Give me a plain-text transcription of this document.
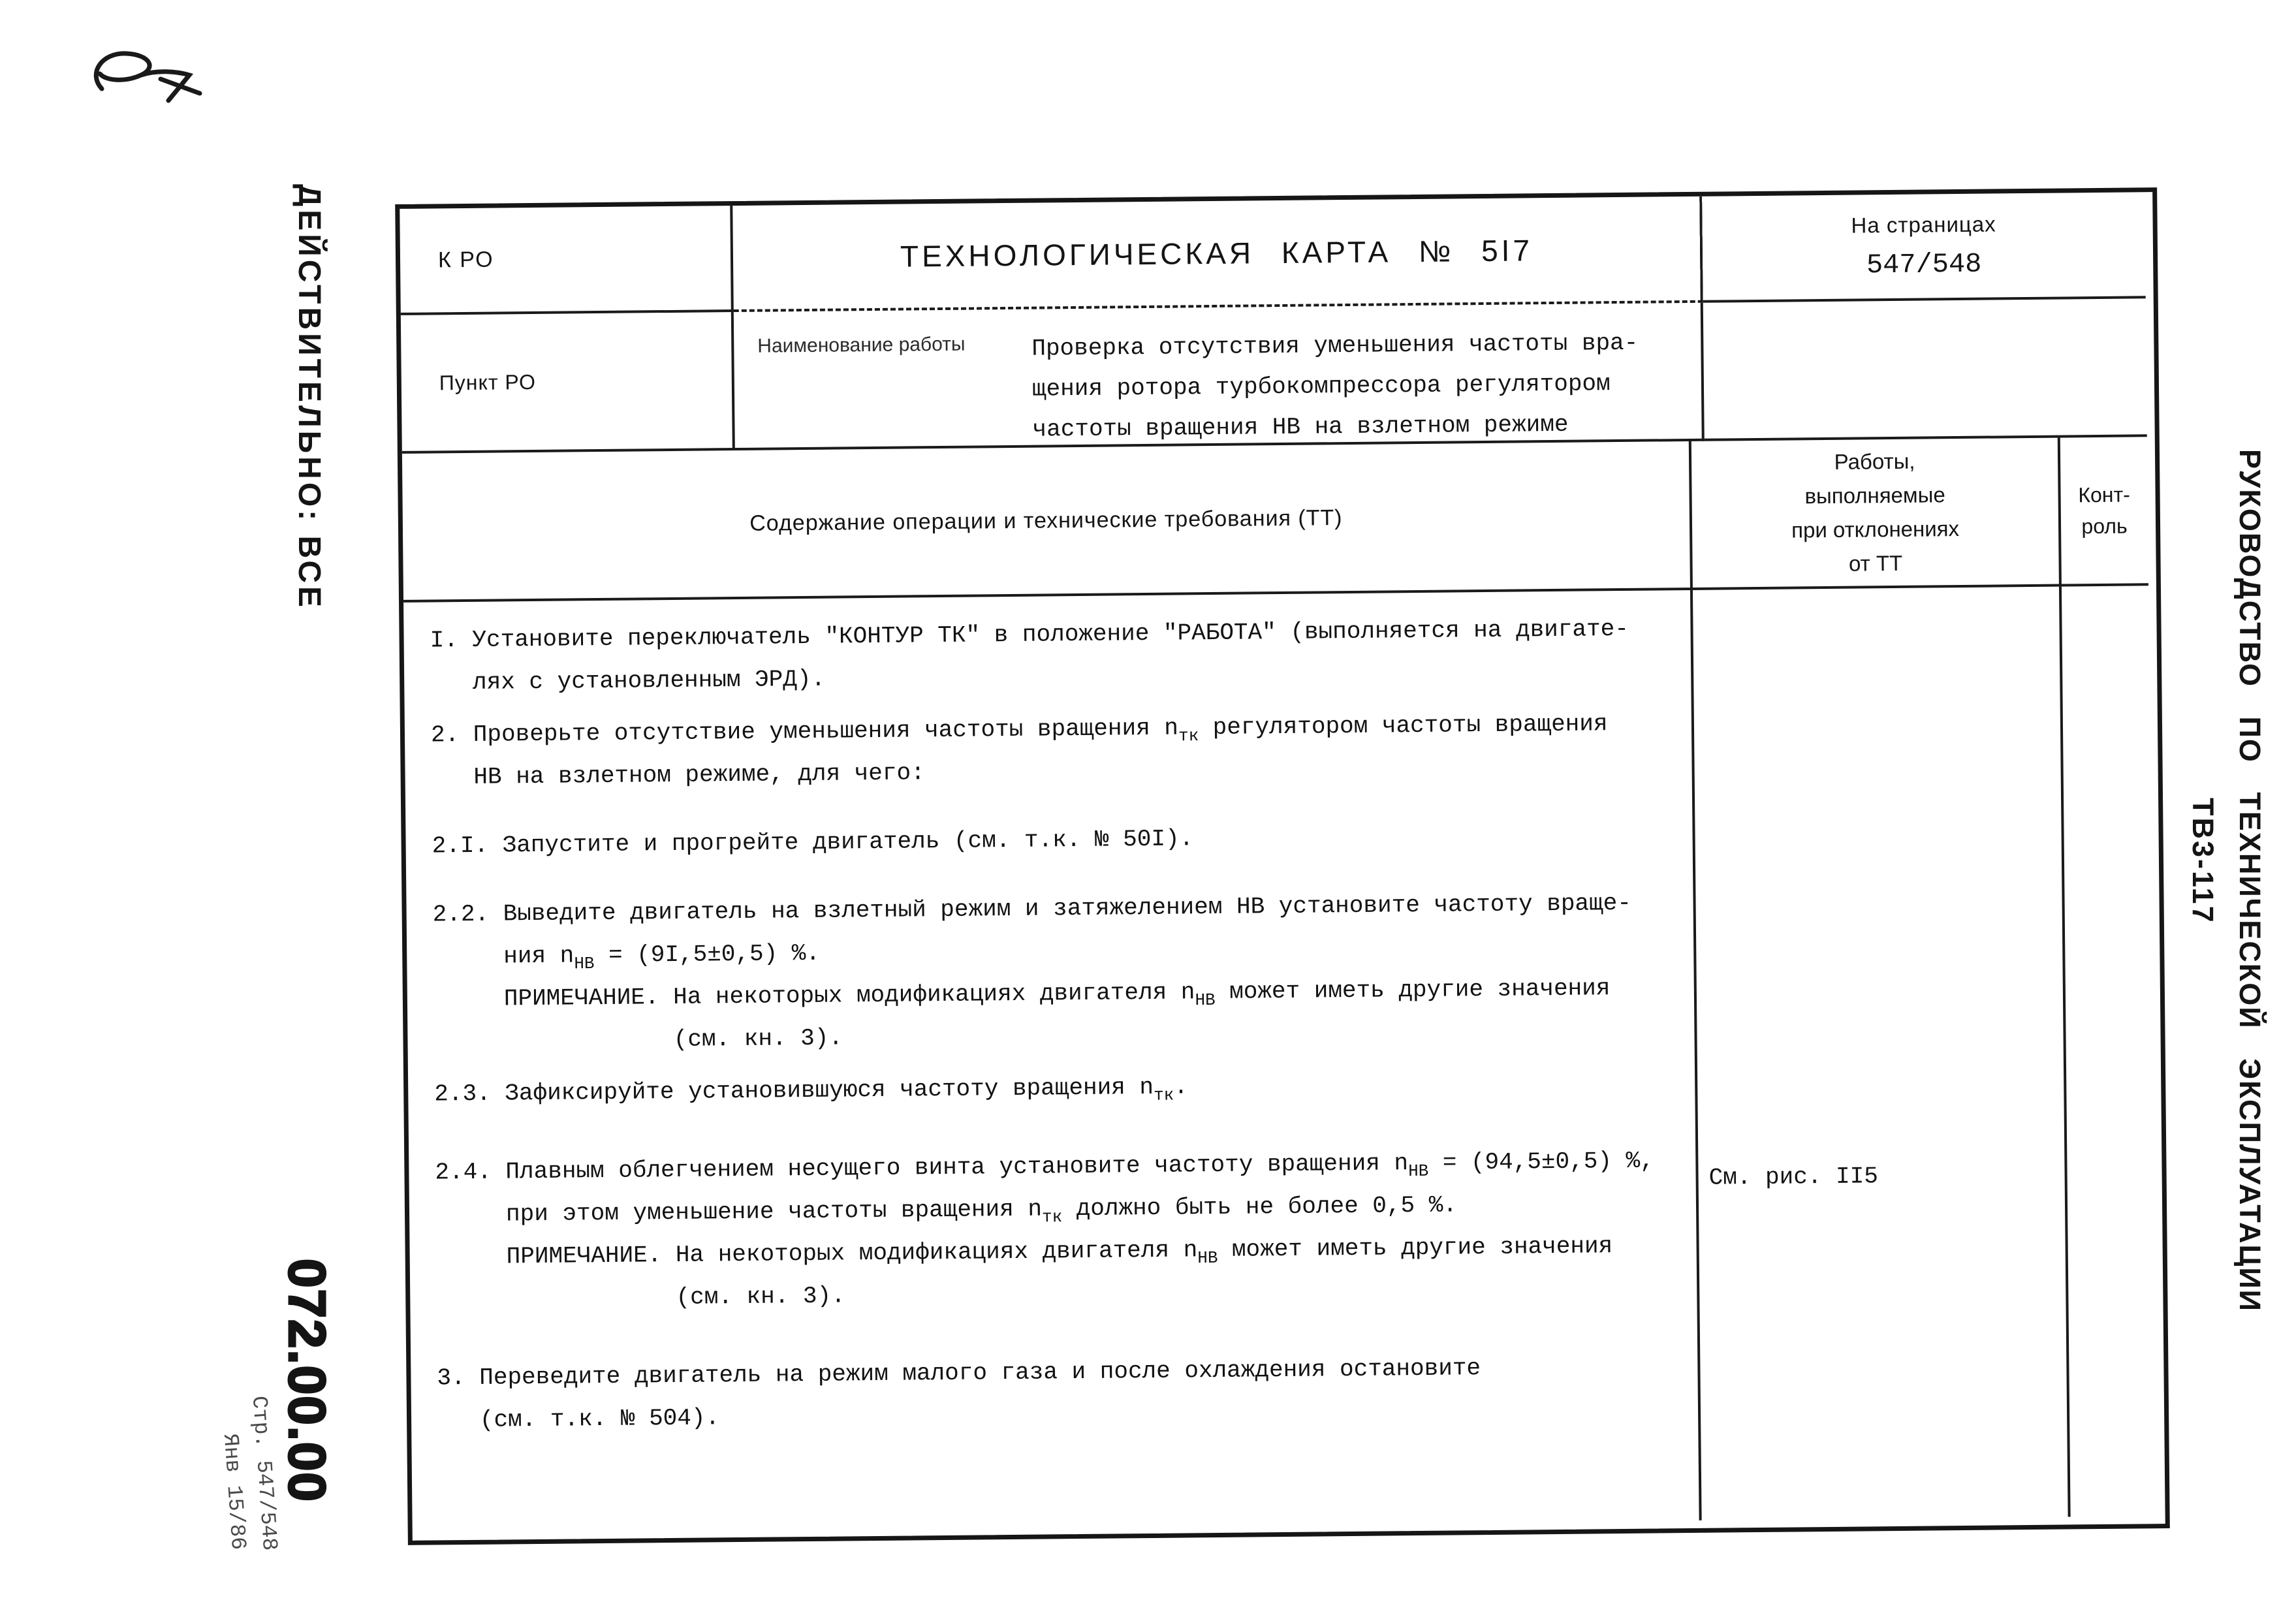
ДЕЙСТВИТЕЛЬНО: ВСЕ
072.00.00
Стр. 547/548
Янв 15/86
ТВ3-117 РУКОВОДСТВО ПО ТЕХНИЧЕСКОЙ ЭКСПЛУАТАЦИИ
К РО	ТЕХНОЛОГИЧЕСКАЯ КАРТА № 5I7
На страницах
547/548
Пункт РО
Наименование работы	Проверка отсутствия уменьшения частоты вра-
щения ротора турбокомпрессора регулятором
частоты вращения НВ на взлетном режиме
Содержание операции и технические требования (ТТ)
Работы,
выполняемые
при отклонениях
от ТТ
Конт-
роль
I. Установите переключатель "КОНТУР ТК" в положение "РАБОТА" (выполняется на двигате-
лях с установленным ЭРД).
2. Проверьте отсутствие уменьшения частоты вращения $n_{тк}$ регулятором частоты вращения
НВ на взлетном режиме, для чего:
2.I. Запустите и прогрейте двигатель (см. т.к. № 50I).
2.2. Выведите двигатель на взлетный режим и затяжелением НВ установите частоту враще-
ния $n_{НВ} = (9I,5\pm 0,5)$ %.
ПРИМЕЧАНИЕ. На некоторых модификациях двигателя $n_{НВ}$ может иметь другие значения
(см. кн. 3).
2.3. Зафиксируйте установившуюся частоту вращения $n_{тк}$.
2.4. Плавным облегчением несущего винта установите частоту вращения $n_{НВ} = (94,5\pm 0,5)$ %,
при этом уменьшение частоты вращения $n_{тк}$ должно быть не более 0,5 %.
ПРИМЕЧАНИЕ. На некоторых модификациях двигателя $n_{НВ}$ может иметь другие значения
(см. кн. 3).
3. Переведите двигатель на режим малого газа и после охлаждения остановите
(см. т.к. № 504).
См. рис. II5
